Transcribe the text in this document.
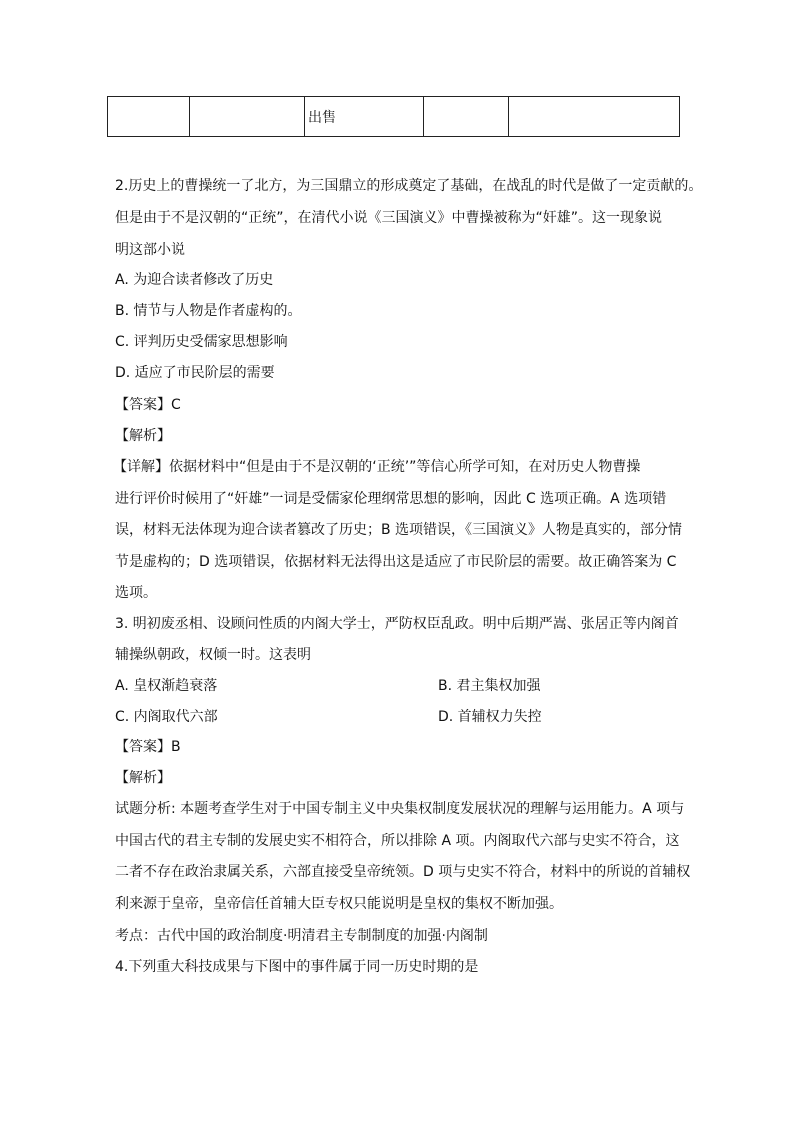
		出售		
2.历史上的曹操统一了北方，为三国鼎立的形成奠定了基础，在战乱的时代是做了一定贡献的。
但是由于不是汉朝的“正统”，在清代小说《三国演义》中曹操被称为“奸雄”。这一现象说
明这部小说
A. 为迎合读者修改了历史
B. 情节与人物是作者虚构的。
C. 评判历史受儒家思想影响
D. 适应了市民阶层的需要
【答案】C
【解析】
【详解】依据材料中“但是由于不是汉朝的‘正统’”等信心所学可知，在对历史人物曹操
进行评价时候用了“奸雄”一词是受儒家伦理纲常思想的影响，因此 C 选项正确。A 选项错
误，材料无法体现为迎合读者篡改了历史；B 选项错误，《三国演义》人物是真实的，部分情
节是虚构的；D 选项错误，依据材料无法得出这是适应了市民阶层的需要。故正确答案为 C
选项。
3. 明初废丞相、设顾问性质的内阁大学士，严防权臣乱政。明中后期严嵩、张居正等内阁首
辅操纵朝政，权倾一时。这表明
A. 皇权渐趋衰落	B. 君主集权加强
C. 内阁取代六部	D. 首辅权力失控
【答案】B
【解析】
试题分析: 本题考查学生对于中国专制主义中央集权制度发展状况的理解与运用能力。A 项与
中国古代的君主专制的发展史实不相符合，所以排除 A 项。内阁取代六部与史实不符合，这
二者不存在政治隶属关系，六部直接受皇帝统领。D 项与史实不符合，材料中的所说的首辅权
利来源于皇帝，皇帝信任首辅大臣专权只能说明是皇权的集权不断加强。
考点：古代中国的政治制度·明清君主专制制度的加强·内阁制
4.下列重大科技成果与下图中的事件属于同一历史时期的是
